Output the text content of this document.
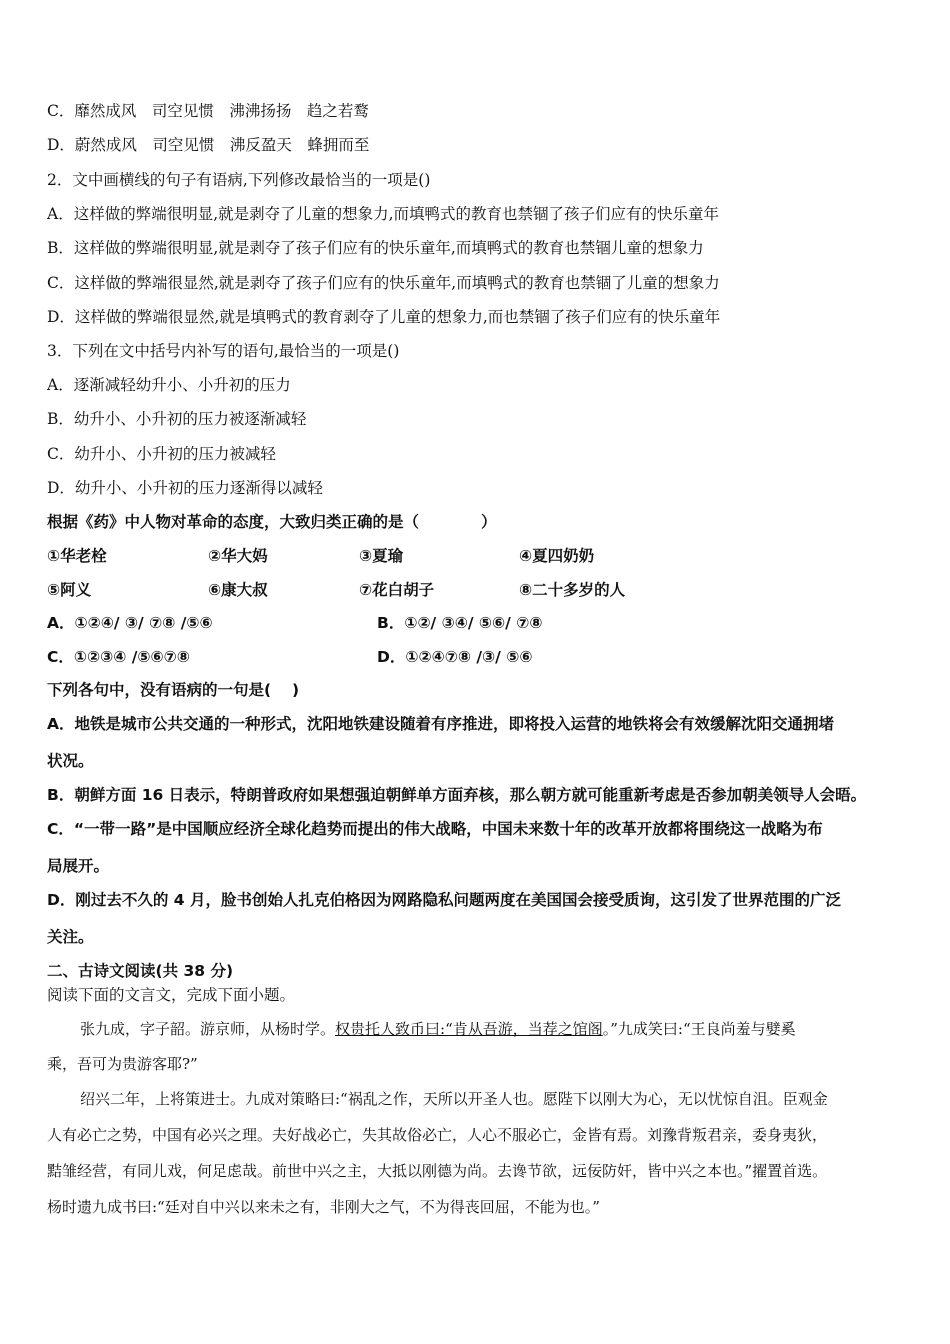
C．靡然成风　司空见惯　沸沸扬扬　趋之若鹜
D．蔚然成风　司空见惯　沸反盈天　蜂拥而至
2．文中画横线的句子有语病,下列修改最恰当的一项是()
A．这样做的弊端很明显,就是剥夺了儿童的想象力,而填鸭式的教育也禁锢了孩子们应有的快乐童年
B．这样做的弊端很明显,就是剥夺了孩子们应有的快乐童年,而填鸭式的教育也禁锢儿童的想象力
C．这样做的弊端很显然,就是剥夺了孩子们应有的快乐童年,而填鸭式的教育也禁锢了儿童的想象力
D．这样做的弊端很显然,就是填鸭式的教育剥夺了儿童的想象力,而也禁锢了孩子们应有的快乐童年
3．下列在文中括号内补写的语句,最恰当的一项是()
A．逐渐减轻幼升小、小升初的压力
B．幼升小、小升初的压力被逐渐减轻
C．幼升小、小升初的压力被减轻
D．幼升小、小升初的压力逐渐得以减轻
根据《药》中人物对革命的态度，大致归类正确的是（　　　　）
①华老栓	②华大妈	③夏瑜	④夏四奶奶
⑤阿义	⑥康大叔	⑦花白胡子	⑧二十多岁的人
A．①②④/ ③/ ⑦⑧ /⑤⑥	B．①②/ ③④/ ⑤⑥/ ⑦⑧
C．①②③④ /⑤⑥⑦⑧	D．①②④⑦⑧ /③/ ⑤⑥
下列各句中，没有语病的一句是(　 )
A．地铁是城市公共交通的一种形式，沈阳地铁建设随着有序推进，即将投入运营的地铁将会有效缓解沈阳交通拥堵
状况。
B．朝鲜方面 16 日表示，特朗普政府如果想强迫朝鲜单方面弃核，那么朝方就可能重新考虑是否参加朝美领导人会晤。
C．“一带一路”是中国顺应经济全球化趋势而提出的伟大战略，中国未来数十年的改革开放都将围绕这一战略为布
局展开。
D．刚过去不久的 4 月，脸书创始人扎克伯格因为网路隐私问题两度在美国国会接受质询，这引发了世界范围的广泛
关注。
二、古诗文阅读(共 38 分)
阅读下面的文言文，完成下面小题。
张九成，字子韶。游京师，从杨时学。权贵托人致币曰:“肯从吾游，当荐之馆阁。”九成笑曰:“王良尚羞与嬖奚
乘，吾可为贵游客耶?”
绍兴二年，上将策进士。九成对策略曰:“祸乱之作，天所以开圣人也。愿陛下以刚大为心，无以忧惊自沮。臣观金
人有必亡之势，中国有必兴之理。夫好战必亡，失其故俗必亡，人心不服必亡，金皆有焉。刘豫背叛君亲，委身夷狄，
黠雏经营，有同儿戏，何足虑哉。前世中兴之主，大抵以刚德为尚。去谗节欲，远佞防奸，皆中兴之本也。”擢置首选。
杨时遗九成书曰:“廷对自中兴以来未之有，非刚大之气，不为得丧回屈，不能为也。”
